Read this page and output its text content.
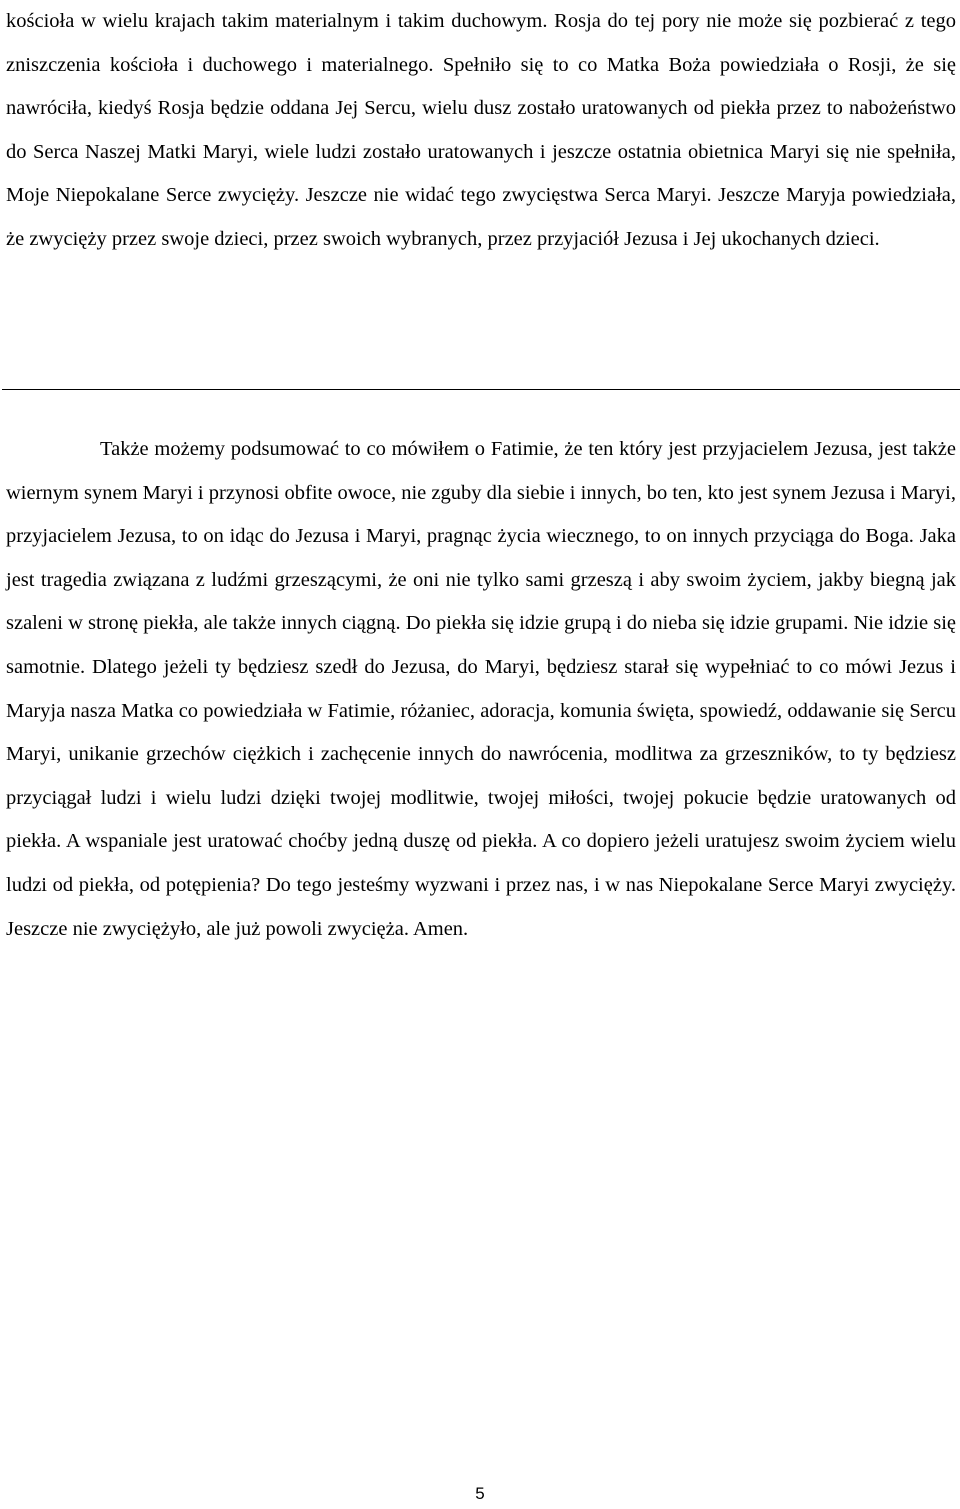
kościoła w wielu krajach takim materialnym i takim duchowym. Rosja do tej pory nie może się pozbierać z tego zniszczenia kościoła i duchowego i materialnego. Spełniło się to co Matka Boża powiedziała o Rosji, że się nawróciła, kiedyś Rosja będzie oddana Jej Sercu, wielu dusz zostało uratowanych od piekła przez to nabożeństwo do Serca Naszej Matki Maryi, wiele ludzi zostało uratowanych i jeszcze ostatnia obietnica Maryi się nie spełniła, Moje Niepokalane Serce zwycięży. Jeszcze nie widać tego zwycięstwa Serca Maryi. Jeszcze Maryja powiedziała, że zwycięży przez swoje dzieci, przez swoich wybranych, przez przyjaciół Jezusa i Jej ukochanych dzieci.

Także możemy podsumować to co mówiłem o Fatimie, że ten który jest przyjacielem Jezusa, jest także wiernym synem Maryi i przynosi obfite owoce, nie zguby dla siebie i innych, bo ten, kto jest synem Jezusa i Maryi, przyjacielem Jezusa, to on idąc do Jezusa i Maryi, pragnąc życia wiecznego, to on innych przyciąga do Boga. Jaka jest tragedia związana z ludźmi grzeszącymi, że oni nie tylko sami grzeszą i aby swoim życiem, jakby biegną jak szaleni w stronę piekła, ale także innych ciągną. Do piekła się idzie grupą i do nieba się idzie grupami. Nie idzie się samotnie. Dlatego jeżeli ty będziesz szedł do Jezusa, do Maryi, będziesz starał się wypełniać to co mówi Jezus i Maryja nasza Matka co powiedziała w Fatimie, różaniec, adoracja, komunia święta, spowiedź, oddawanie się Sercu Maryi, unikanie grzechów ciężkich i zachęcenie innych do nawrócenia, modlitwa za grzeszników, to ty będziesz przyciągał ludzi i wielu ludzi dzięki twojej modlitwie, twojej miłości, twojej pokucie będzie uratowanych od piekła. A wspaniale jest uratować choćby jedną duszę od piekła. A co dopiero jeżeli uratujesz swoim życiem wielu ludzi od piekła, od potępienia? Do tego jesteśmy wyzwani i przez nas, i w nas Niepokalane Serce Maryi zwycięży. Jeszcze nie zwyciężyło, ale już powoli zwycięża. Amen.

5
